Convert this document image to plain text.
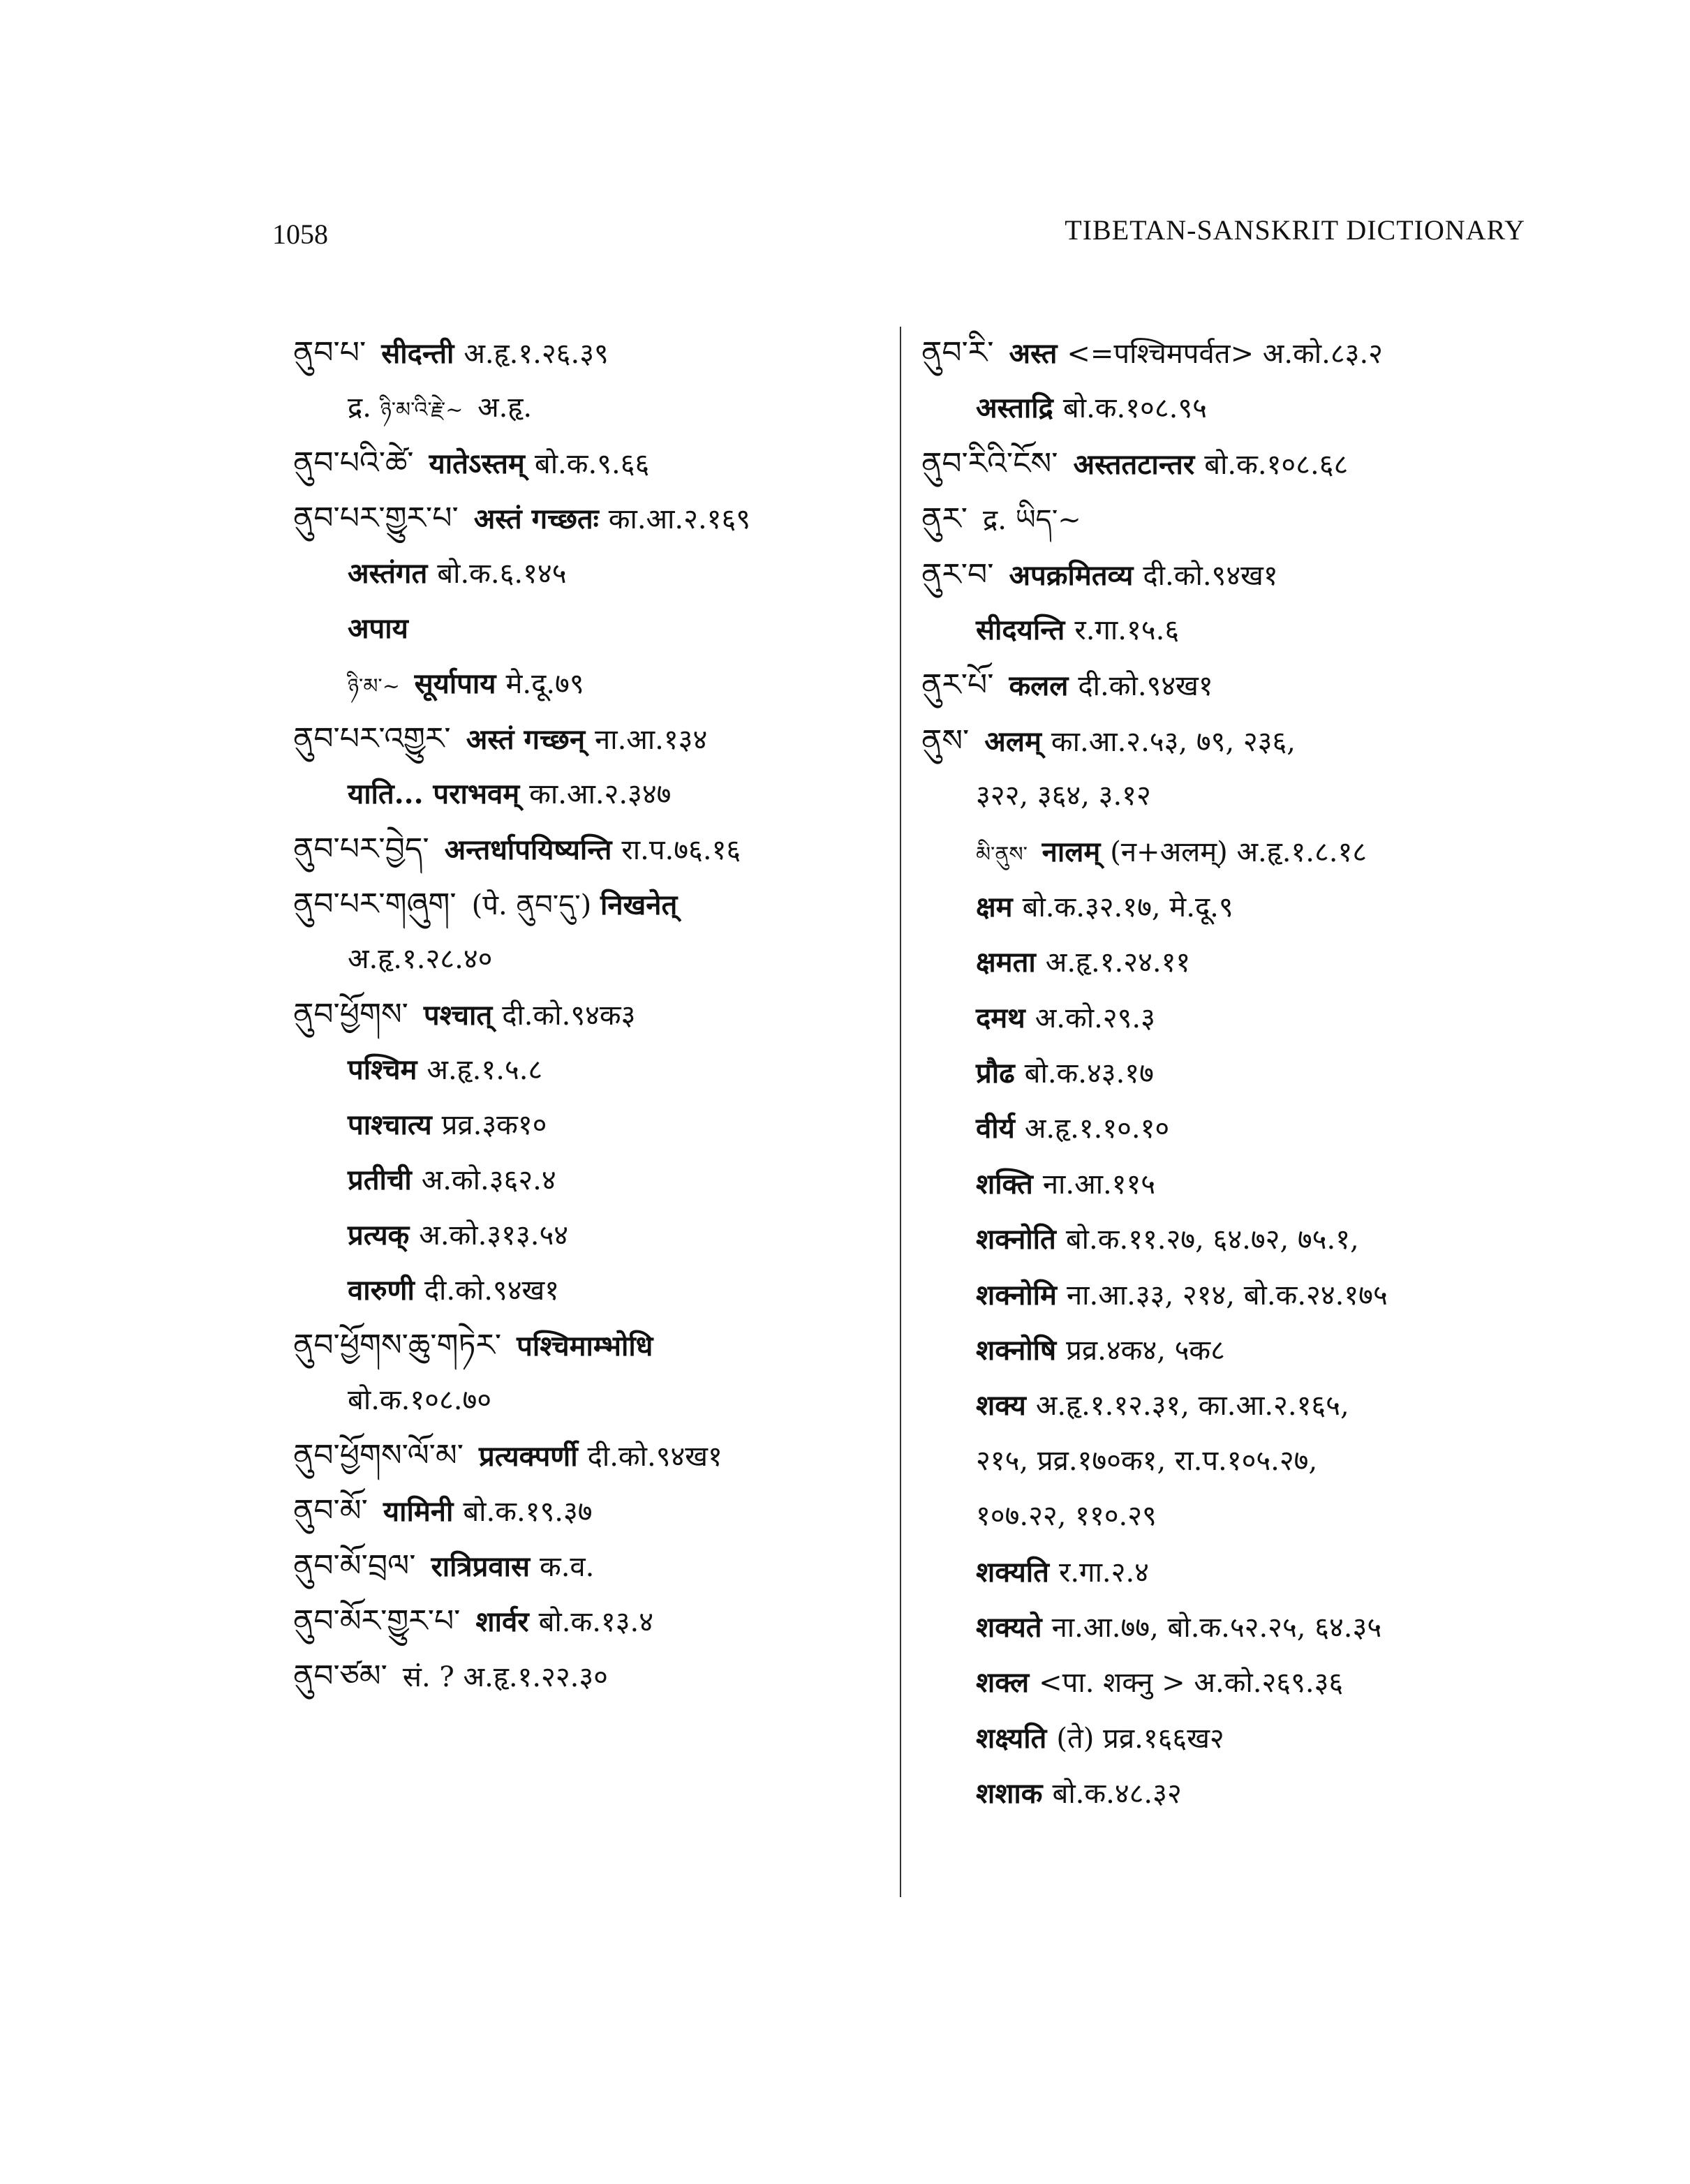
1058	TIBETAN-SANSKRIT DICTIONARY
ནུབ་པ་ सीदन्ती अ.हृ.१.२६.३९
द्र. ཉི་མ་འི་རྗེ་~ अ.हृ.
ནུབ་པའི་ཚེ་ यातेऽस्तम् बो.क.९.६६
ནུབ་པར་གྱུར་པ་ अस्तं गच्छतः का.आ.२.१६९
अस्तंगत बो.क.६.१४५
अपाय
ཉི་མ་~ सूर्यापाय मे.दू.७९
ནུབ་པར་འགྱུར་ अस्तं गच्छन् ना.आ.१३४
याति... पराभवम् का.आ.२.३४७
ནུབ་པར་བྱེད་ अन्तर्धापयिष्यन्ति रा.प.७६.१६
ནུབ་པར་གཞུག་ (पे. ནུབ་དུ་) निखनेत्
अ.हृ.१.२८.४०
ནུབ་ཕྱོགས་ पश्चात् दी.को.९४क३
पश्चिम अ.हृ.१.५.८
पाश्चात्य प्रव्र.३क१०
प्रतीची अ.को.३६२.४
प्रत्यक् अ.को.३१३.५४
वारुणी दी.को.९४ख१
ནུབ་ཕྱོགས་ཆུ་གཏེར་ पश्चिमाम्भोधि
बो.क.१०८.७०
ནུབ་ཕྱོགས་ལོ་མ་ प्रत्यक्पर्णी दी.को.९४ख१
ནུབ་མོ་ यामिनी बो.क.१९.३७
ནུབ་མོ་བྲལ་ रात्रिप्रवास क.व.
ནུབ་མོར་གྱུར་པ་ शार्वर बो.क.१३.४
ནུབ་ཙམ་ सं. ? अ.हृ.१.२२.३०
ནུབ་རི་ अस्त <=पश्चिमपर्वत> अ.को.८३.२
अस्ताद्रि बो.क.१०८.९५
ནུབ་རིའི་ངོས་ अस्ततटान्तर बो.क.१०८.६८
ནུར་ द्र. ཡིད་~
ནུར་བ་ अपक्रमितव्य दी.को.९४ख१
सीदयन्ति र.गा.१५.६
ནུར་པོ་ कलल दी.को.९४ख१
ནུས་ अलम् का.आ.२.५३, ७९, २३६,
३२२, ३६४, ३.१२
མི་ནུས་ नालम् (न+अलम्) अ.हृ.१.८.१८
क्षम बो.क.३२.१७, मे.दू.९
क्षमता अ.हृ.१.२४.११
दमथ अ.को.२९.३
प्रौढ बो.क.४३.१७
वीर्य अ.हृ.१.१०.१०
शक्ति ना.आ.११५
शक्नोति बो.क.११.२७, ६४.७२, ७५.१,
शक्नोमि ना.आ.३३, २१४, बो.क.२४.१७५
शक्नोषि प्रव्र.४क४, ५क८
शक्य अ.हृ.१.१२.३१, का.आ.२.१६५,
२१५, प्रव्र.१७०क१, रा.प.१०५.२७,
१०७.२२, ११०.२९
शक्यति र.गा.२.४
शक्यते ना.आ.७७, बो.क.५२.२५, ६४.३५
शक्ल <पा. शक्नु > अ.को.२६९.३६
शक्ष्यति (ते) प्रव्र.१६६ख२
शशाक बो.क.४८.३२
